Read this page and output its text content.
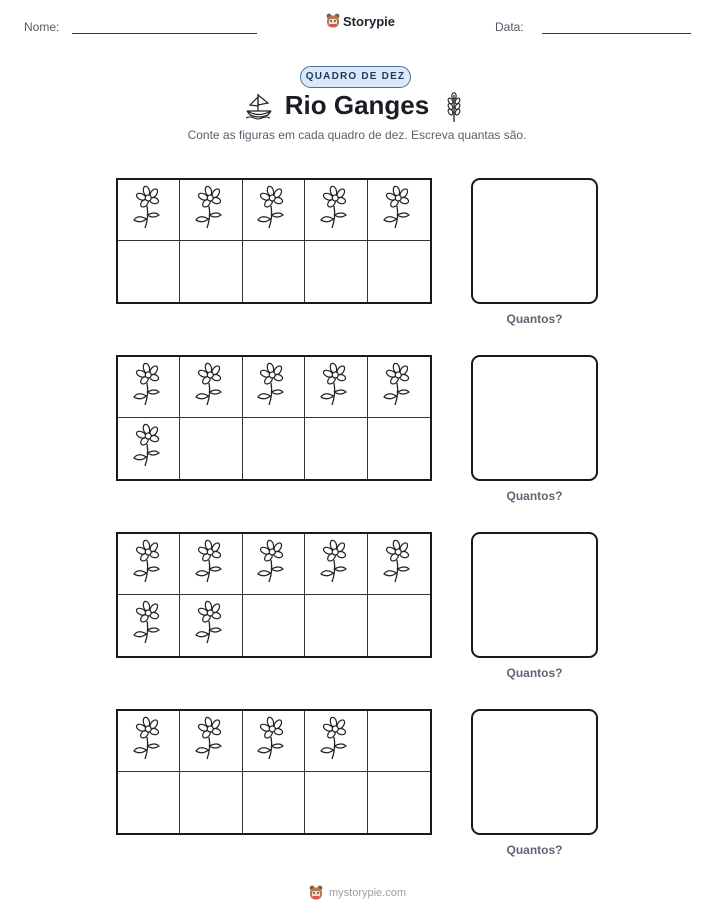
Nome:	Storypie	Data:
QUADRO DE DEZ
Rio Ganges
Conte as figuras em cada quadro de dez. Escreva quantas são.
Quantos?
Quantos?
Quantos?
Quantos?
mystorypie.com
